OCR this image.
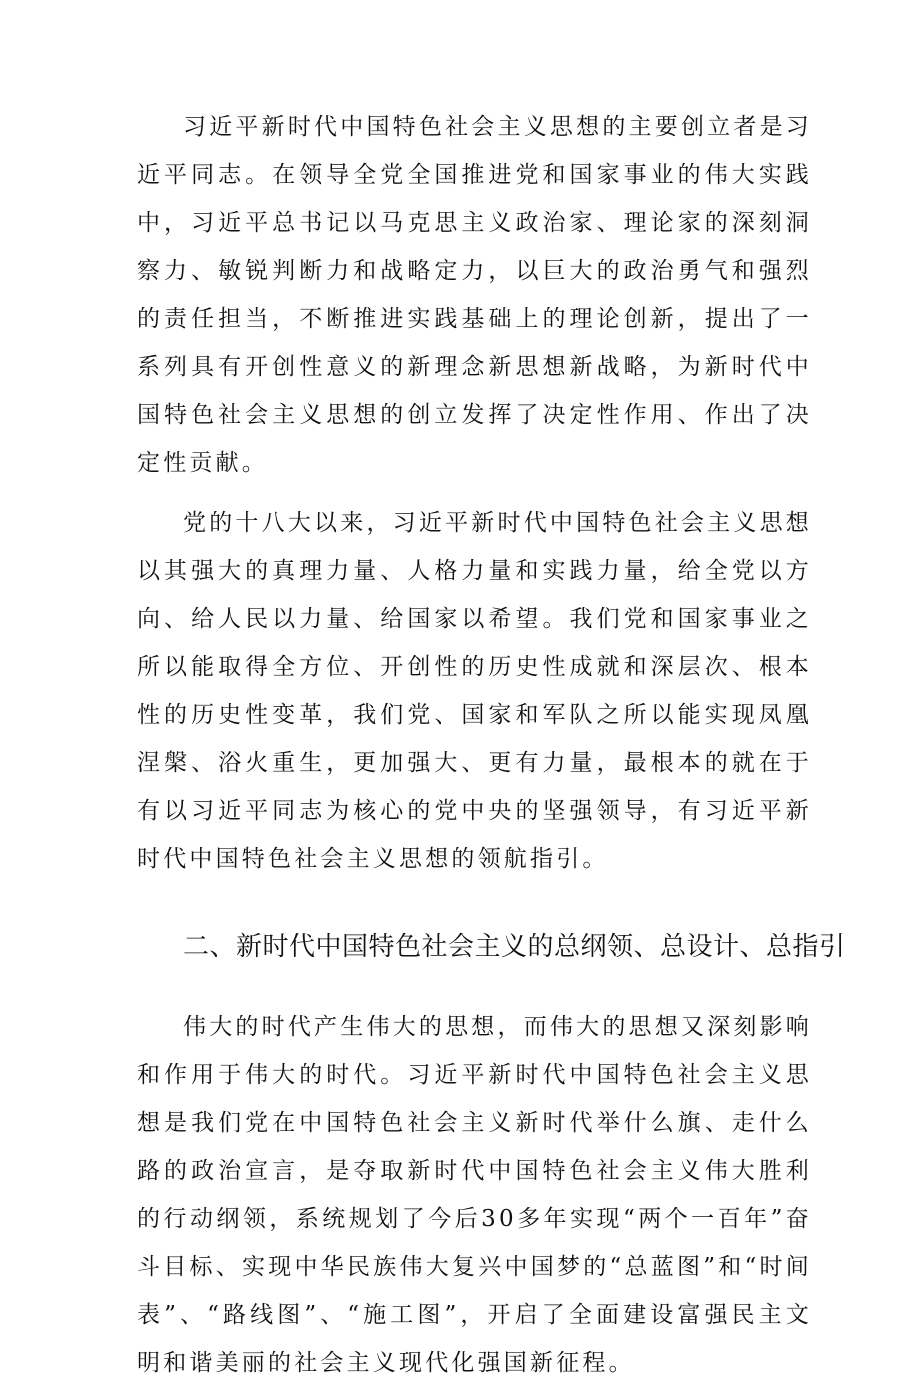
习近平新时代中国特色社会主义思想的主要创立者是习近平同志。在领导全党全国推进党和国家事业的伟大实践中，习近平总书记以马克思主义政治家、理论家的深刻洞察力、敏锐判断力和战略定力，以巨大的政治勇气和强烈的责任担当，不断推进实践基础上的理论创新，提出了一系列具有开创性意义的新理念新思想新战略，为新时代中国特色社会主义思想的创立发挥了决定性作用、作出了决定性贡献。

党的十八大以来，习近平新时代中国特色社会主义思想以其强大的真理力量、人格力量和实践力量，给全党以方向、给人民以力量、给国家以希望。我们党和国家事业之所以能取得全方位、开创性的历史性成就和深层次、根本性的历史性变革，我们党、国家和军队之所以能实现凤凰涅槃、浴火重生，更加强大、更有力量，最根本的就在于有以习近平同志为核心的党中央的坚强领导，有习近平新时代中国特色社会主义思想的领航指引。

二、新时代中国特色社会主义的总纲领、总设计、总指引

伟大的时代产生伟大的思想，而伟大的思想又深刻影响和作用于伟大的时代。习近平新时代中国特色社会主义思想是我们党在中国特色社会主义新时代举什么旗、走什么路的政治宣言，是夺取新时代中国特色社会主义伟大胜利的行动纲领，系统规划了今后30多年实现“两个一百年”奋斗目标、实现中华民族伟大复兴中国梦的“总蓝图”和“时间表”、“路线图”、“施工图”，开启了全面建设富强民主文明和谐美丽的社会主义现代化强国新征程。
